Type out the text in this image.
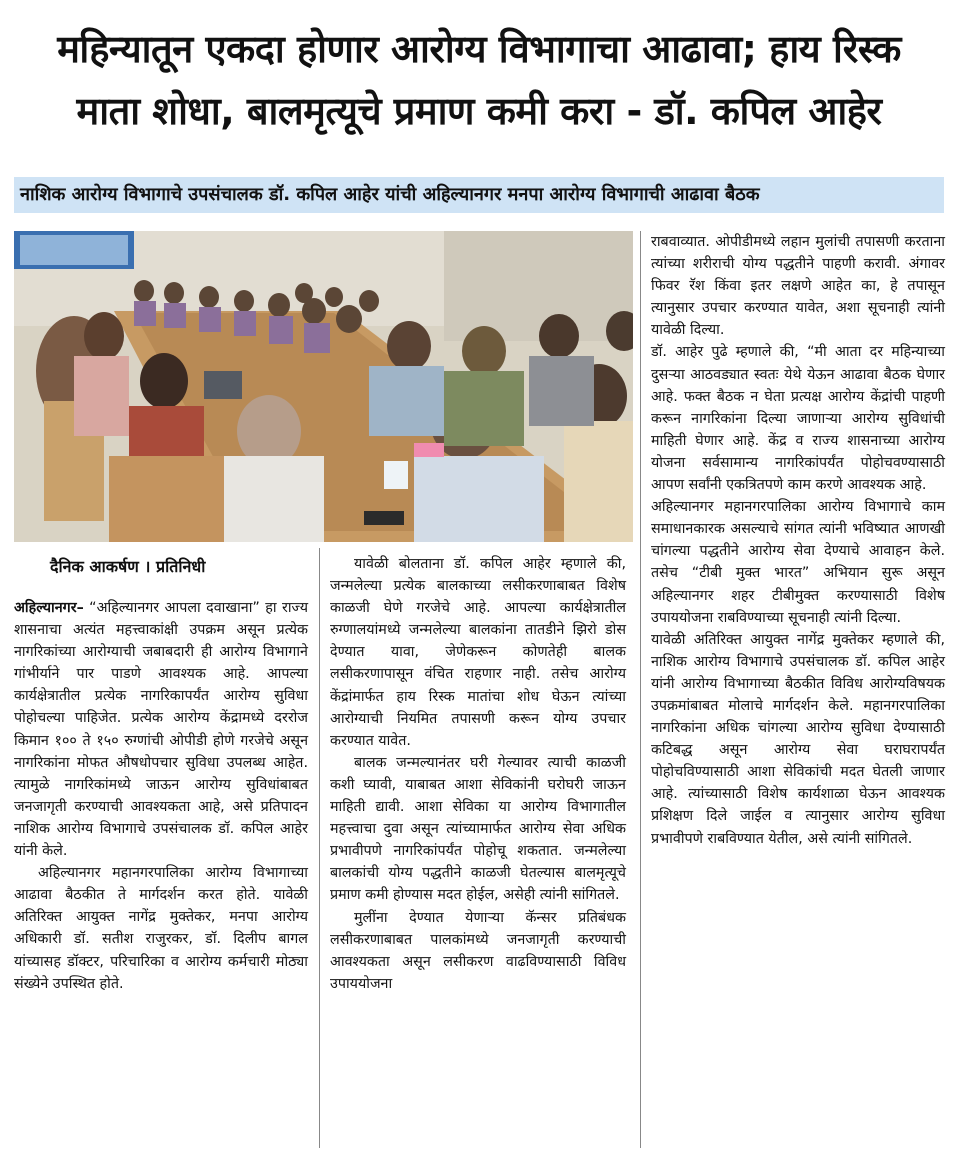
महिन्यातून एकदा होणार आरोग्य विभागाचा आढावा; हाय रिस्क
माता शोधा, बालमृत्यूचे प्रमाण कमी करा - डॉ. कपिल आहेर
नाशिक आरोग्य विभागाचे उपसंचालक डॉ. कपिल आहेर यांची अहिल्यानगर मनपा आरोग्य विभागाची आढावा बैठक
दैनिक आकर्षण । प्रतिनिधी

अहिल्यानगर– “अहिल्यानगर आपला दवाखाना” हा राज्य शासनाचा अत्यंत महत्त्वाकांक्षी उपक्रम असून प्रत्येक नागरिकांच्या आरोग्याची जबाबदारी ही आरोग्य विभागाने गांभीर्याने पार पाडणे आवश्यक आहे. आपल्या कार्यक्षेत्रातील प्रत्येक नागरिकापर्यंत आरोग्य सुविधा पोहोचल्या पाहिजेत. प्रत्येक आरोग्य केंद्रामध्ये दररोज किमान १०० ते १५० रुग्णांची ओपीडी होणे गरजेचे असून नागरिकांना मोफत औषधोपचार सुविधा उपलब्ध आहेत. त्यामुळे नागरिकांमध्ये जाऊन आरोग्य सुविधांबाबत जनजागृती करण्याची आवश्यकता आहे, असे प्रतिपादन नाशिक आरोग्य विभागाचे उपसंचालक डॉ. कपिल आहेर यांनी केले.

अहिल्यानगर महानगरपालिका आरोग्य विभागाच्या आढावा बैठकीत ते मार्गदर्शन करत होते. यावेळी अतिरिक्त आयुक्त नागेंद्र मुक्तेकर, मनपा आरोग्य अधिकारी डॉ. सतीश राजुरकर, डॉ. दिलीप बागल यांच्यासह डॉक्टर, परिचारिका व आरोग्य कर्मचारी मोठ्या संख्येने उपस्थित होते.

यावेळी बोलताना डॉ. कपिल आहेर म्हणाले की, जन्मलेल्या प्रत्येक बालकाच्या लसीकरणाबाबत विशेष काळजी घेणे गरजेचे आहे. आपल्या कार्यक्षेत्रातील रुग्णालयांमध्ये जन्मलेल्या बालकांना तातडीने झिरो डोस देण्यात यावा, जेणेकरून कोणतेही बालक लसीकरणापासून वंचित राहणार नाही. तसेच आरोग्य केंद्रांमार्फत हाय रिस्क मातांचा शोध घेऊन त्यांच्या आरोग्याची नियमित तपासणी करून योग्य उपचार करण्यात यावेत.

बालक जन्मल्यानंतर घरी गेल्यावर त्याची काळजी कशी घ्यावी, याबाबत आशा सेविकांनी घरोघरी जाऊन माहिती द्यावी. आशा सेविका या आरोग्य विभागातील महत्त्वाचा दुवा असून त्यांच्यामार्फत आरोग्य सेवा अधिक प्रभावीपणे नागरिकांपर्यंत पोहोचू शकतात. जन्मलेल्या बालकांची योग्य पद्धतीने काळजी घेतल्यास बालमृत्यूचे प्रमाण कमी होण्यास मदत होईल, असेही त्यांनी सांगितले.

मुलींना देण्यात येणाऱ्या कॅन्सर प्रतिबंधक लसीकरणाबाबत पालकांमध्ये जनजागृती करण्याची आवश्यकता असून लसीकरण वाढविण्यासाठी विविध उपाययोजना

राबवाव्यात. ओपीडीमध्ये लहान मुलांची तपासणी करताना त्यांच्या शरीराची योग्य पद्धतीने पाहणी करावी. अंगावर फिवर रॅश किंवा इतर लक्षणे आहेत का, हे तपासून त्यानुसार उपचार करण्यात यावेत, अशा सूचनाही त्यांनी यावेळी दिल्या.

डॉ. आहेर पुढे म्हणाले की, “मी आता दर महिन्याच्या दुसऱ्या आठवड्यात स्वतः येथे येऊन आढावा बैठक घेणार आहे. फक्त बैठक न घेता प्रत्यक्ष आरोग्य केंद्रांची पाहणी करून नागरिकांना दिल्या जाणाऱ्या आरोग्य सुविधांची माहिती घेणार आहे. केंद्र व राज्य शासनाच्या आरोग्य योजना सर्वसामान्य नागरिकांपर्यंत पोहोचवण्यासाठी आपण सर्वांनी एकत्रितपणे काम करणे आवश्यक आहे.

अहिल्यानगर महानगरपालिका आरोग्य विभागाचे काम समाधानकारक असल्याचे सांगत त्यांनी भविष्यात आणखी चांगल्या पद्धतीने आरोग्य सेवा देण्याचे आवाहन केले. तसेच “टीबी मुक्त भारत” अभियान सुरू असून अहिल्यानगर शहर टीबीमुक्त करण्यासाठी विशेष उपाययोजना राबविण्याच्या सूचनाही त्यांनी दिल्या.

यावेळी अतिरिक्त आयुक्त नागेंद्र मुक्तेकर म्हणाले की, नाशिक आरोग्य विभागाचे उपसंचालक डॉ. कपिल आहेर यांनी आरोग्य विभागाच्या बैठकीत विविध आरोग्यविषयक उपक्रमांबाबत मोलाचे मार्गदर्शन केले. महानगरपालिका नागरिकांना अधिक चांगल्या आरोग्य सुविधा देण्यासाठी कटिबद्ध असून आरोग्य सेवा घराघरापर्यंत पोहोचविण्यासाठी आशा सेविकांची मदत घेतली जाणार आहे. त्यांच्यासाठी विशेष कार्यशाळा घेऊन आवश्यक प्रशिक्षण दिले जाईल व त्यानुसार आरोग्य सुविधा प्रभावीपणे राबविण्यात येतील, असे त्यांनी सांगितले.
